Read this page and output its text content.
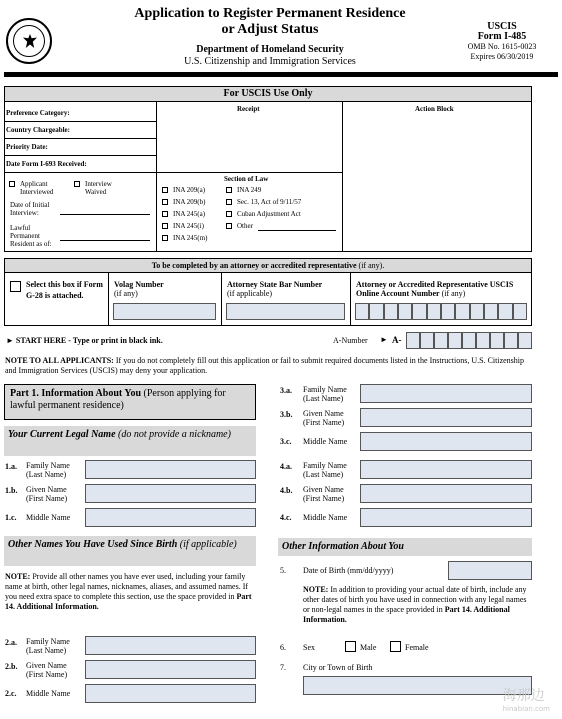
Application to Register Permanent Residence
or Adjust Status
Department of Homeland Security
U.S. Citizenship and Immigration Services
USCIS
Form I-485
OMB No. 1615-0023
Expires 06/30/2019
For USCIS Use Only
Receipt	Action Block
Preference Category:
Country Chargeable:
Priority Date:
Date Form I-693 Received:
Applicant Interviewed
Interview Waived
Date of Initial Interview:
Lawful Permanent Resident as of:
Section of Law
INA 209(a)
INA 209(b)
INA 245(a)
INA 245(i)
INA 245(m)
INA 249
Sec. 13, Act of 9/11/57
Cuban Adjustment Act
Other
To be completed by an attorney or accredited representative (if any).
Select this box if Form G-28 is attached.
Volag Number
(if any)
Attorney State Bar Number
(if applicable)
Attorney or Accredited Representative USCIS Online Account Number (if any)
► START HERE - Type or print in black ink.	A-Number ► A-
NOTE TO ALL APPLICANTS: If you do not completely fill out this application or fail to submit required documents listed in the Instructions, U.S. Citizenship and Immigration Services (USCIS) may deny your application.
Part 1. Information About You (Person applying for lawful permanent residence)
Your Current Legal Name (do not provide a nickname)
1.a. Family Name (Last Name)
1.b. Given Name (First Name)
1.c. Middle Name
Other Names You Have Used Since Birth (if applicable)
NOTE: Provide all other names you have ever used, including your family name at birth, other legal names, nicknames, aliases, and assumed names. If you need extra space to complete this section, use the space provided in Part 14. Additional Information.
2.a. Family Name (Last Name)
2.b. Given Name (First Name)
2.c. Middle Name
3.a. Family Name (Last Name)
3.b. Given Name (First Name)
3.c. Middle Name
4.a. Family Name (Last Name)
4.b. Given Name (First Name)
4.c. Middle Name
Other Information About You
5. Date of Birth (mm/dd/yyyy)
NOTE: In addition to providing your actual date of birth, include any other dates of birth you have used in connection with any legal names or non-legal names in the space provided in Part 14. Additional Information.
6. Sex	Male	Female
7. City or Town of Birth
海那边
hinabian.com
